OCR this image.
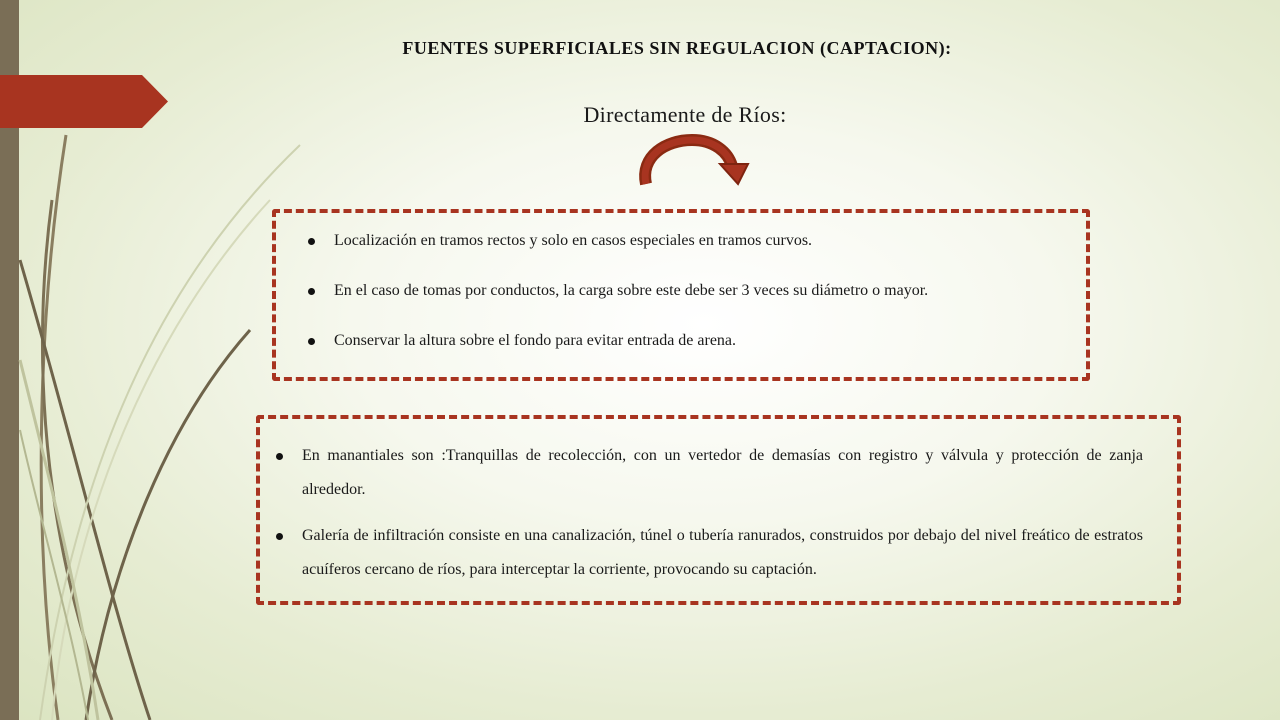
FUENTES SUPERFICIALES SIN REGULACION (CAPTACION):
Directamente de Ríos:
Localización en tramos rectos y solo en casos especiales en tramos curvos.
En el caso de tomas por conductos, la carga sobre este debe ser 3 veces su diámetro o mayor.
Conservar la altura sobre el fondo para evitar entrada de arena.
En manantiales son :Tranquillas de recolección, con un vertedor de demasías con registro y válvula y protección de zanja alrededor.
Galería de infiltración consiste en una canalización, túnel o tubería ranurados, construidos por debajo del nivel freático de estratos acuíferos cercano de ríos, para interceptar la corriente, provocando su captación.
